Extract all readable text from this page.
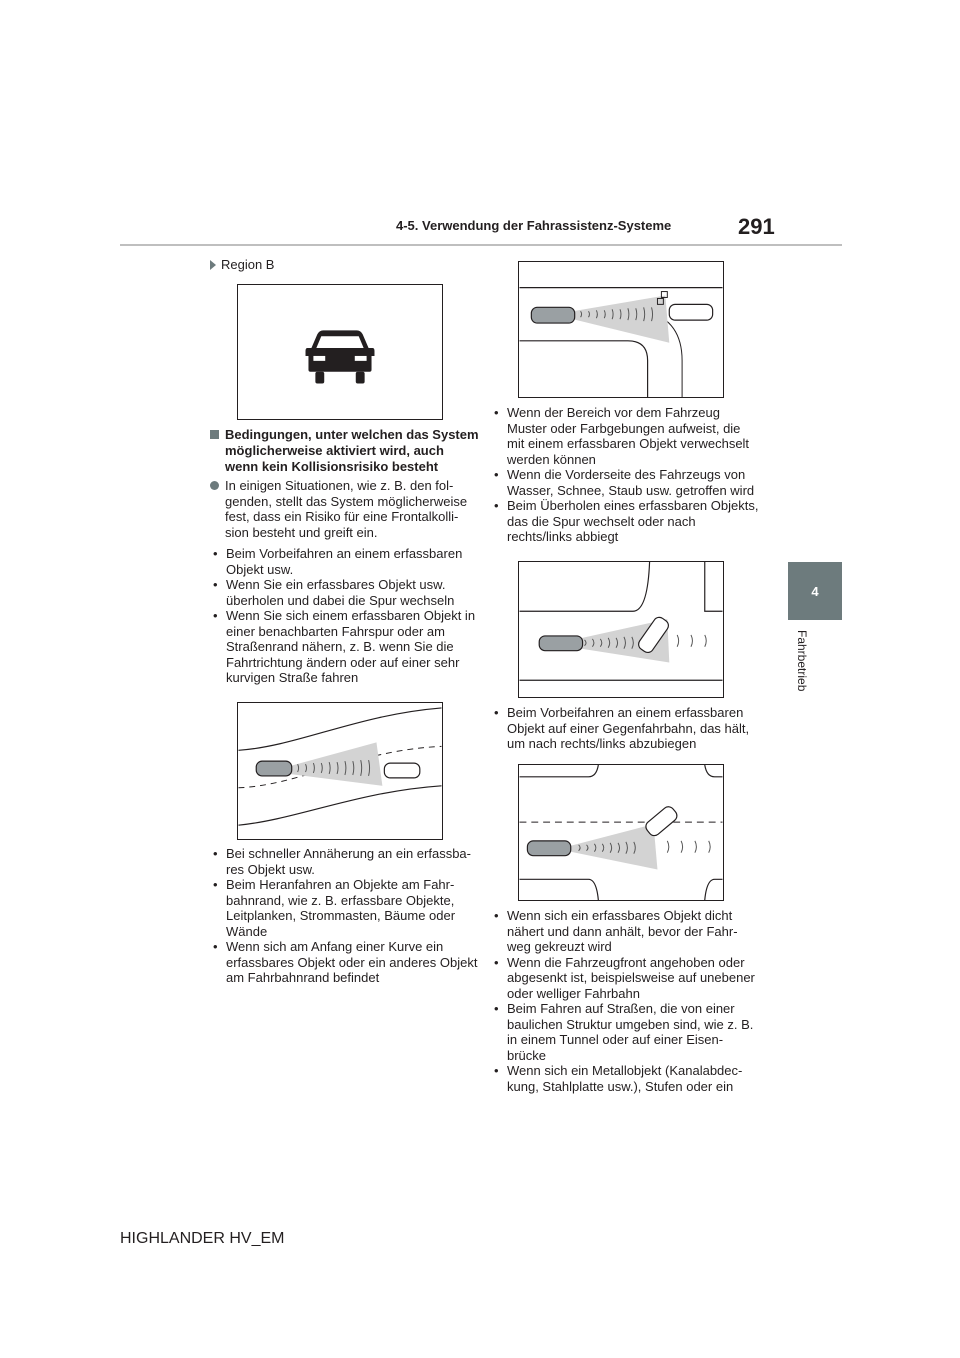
4-5. Verwendung der Fahrassistenz-Systeme	291
4
Fahrbetrieb
Region B
Bedingungen, unter welchen das System möglicherweise aktiviert wird, auch wenn kein Kollisionsrisiko besteht
In einigen Situationen, wie z. B. den fol-genden, stellt das System möglicherweise fest, dass ein Risiko für eine Frontalkolli-sion besteht und greift ein.
• Beim Vorbeifahren an einem erfassbaren Objekt usw.
• Wenn Sie ein erfassbares Objekt usw. überholen und dabei die Spur wechseln
• Wenn Sie sich einem erfassbaren Objekt in einer benachbarten Fahrspur oder am Straßenrand nähern, z. B. wenn Sie die Fahrtrichtung ändern oder auf einer sehr kurvigen Straße fahren
• Bei schneller Annäherung an ein erfassba-res Objekt usw.
• Beim Heranfahren an Objekte am Fahr-bahnrand, wie z. B. erfassbare Objekte, Leitplanken, Strommasten, Bäume oder Wände
• Wenn sich am Anfang einer Kurve ein erfassbares Objekt oder ein anderes Objekt am Fahrbahnrand befindet
• Wenn der Bereich vor dem Fahrzeug Muster oder Farbgebungen aufweist, die mit einem erfassbaren Objekt verwechselt werden können
• Wenn die Vorderseite des Fahrzeugs von Wasser, Schnee, Staub usw. getroffen wird
• Beim Überholen eines erfassbaren Objekts, das die Spur wechselt oder nach rechts/links abbiegt
• Beim Vorbeifahren an einem erfassbaren Objekt auf einer Gegenfahrbahn, das hält, um nach rechts/links abzubiegen
• Wenn sich ein erfassbares Objekt dicht nähert und dann anhält, bevor der Fahr-weg gekreuzt wird
• Wenn die Fahrzeugfront angehoben oder abgesenkt ist, beispielsweise auf unebener oder welliger Fahrbahn
• Beim Fahren auf Straßen, die von einer baulichen Struktur umgeben sind, wie z. B. in einem Tunnel oder auf einer Eisen-brücke
• Wenn sich ein Metallobjekt (Kanalabdec-kung, Stahlplatte usw.), Stufen oder ein
HIGHLANDER HV_EM
